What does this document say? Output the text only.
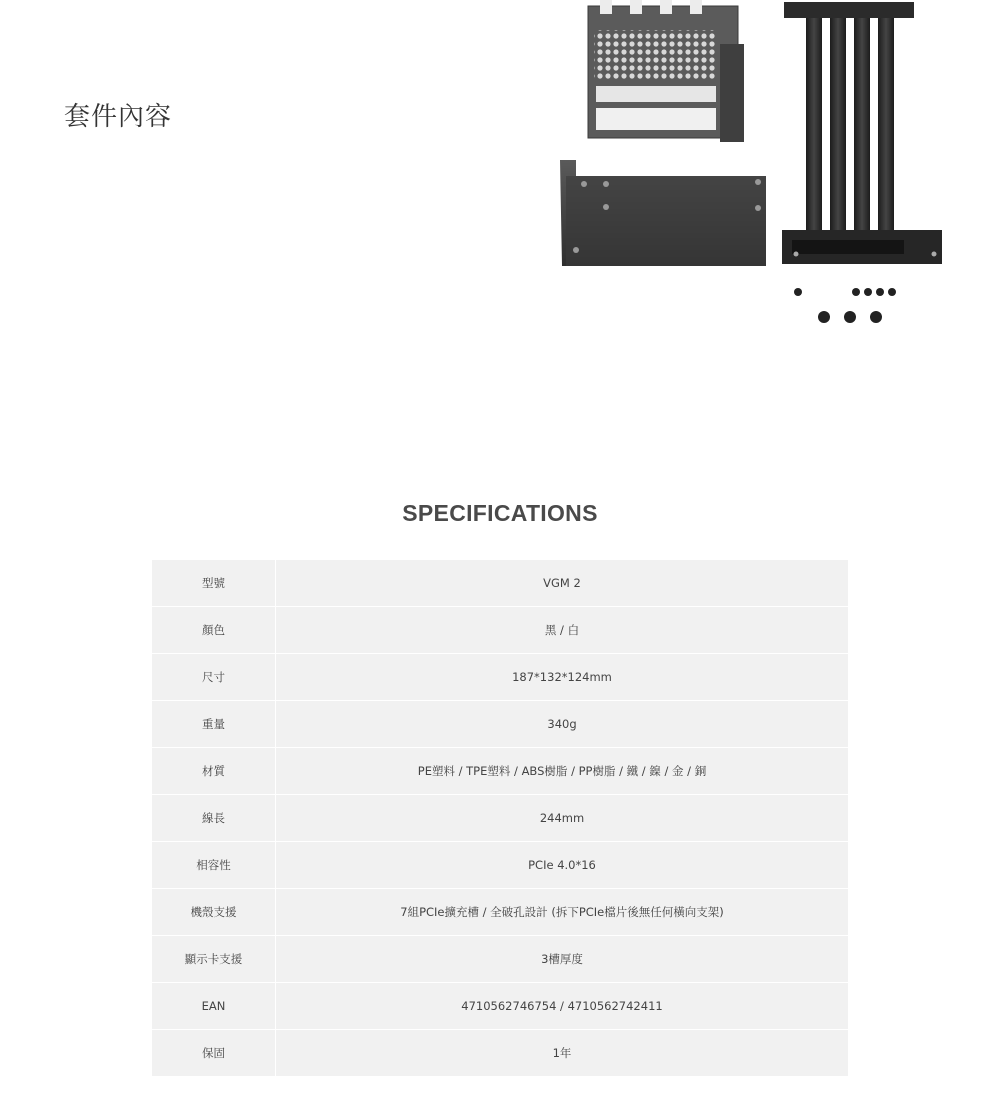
套件內容
SPECIFICATIONS
型號	VGM 2
顏色	黑 / 白
尺寸	187*132*124mm
重量	340g
材質	PE塑料 / TPE塑料 / ABS樹脂 / PP樹脂 / 鐵 / 鎳 / 金 / 銅
線長	244mm
相容性	PCIe 4.0*16
機殼支援	7組PCIe擴充槽 / 全破孔設計 (拆下PCIe檔片後無任何橫向支架)
顯示卡支援	3槽厚度
EAN	4710562746754 / 4710562742411
保固	1年
